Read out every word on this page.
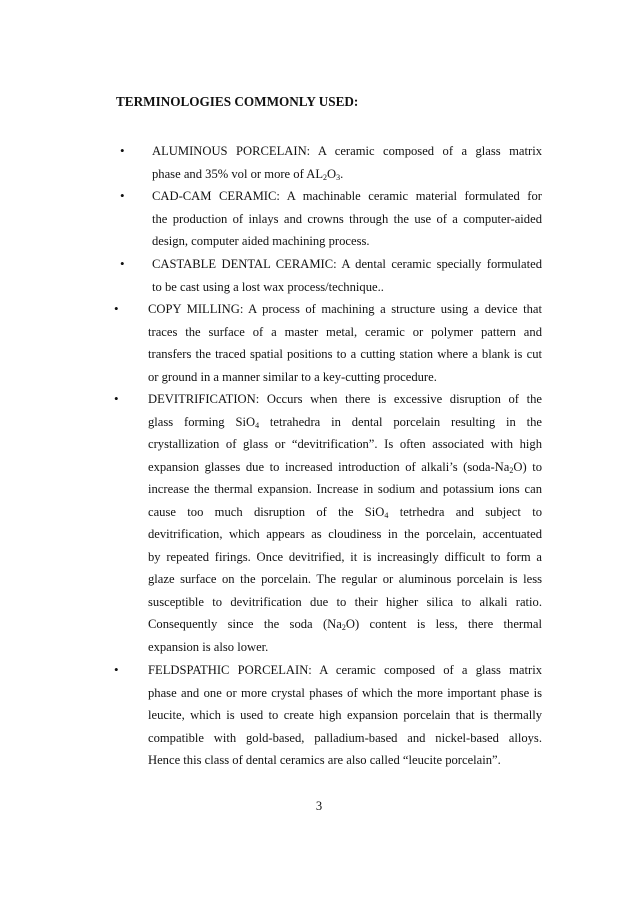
TERMINOLOGIES COMMONLY USED:
• ALUMINOUS PORCELAIN: A ceramic composed of a glass matrix
phase and 35% vol or more of $AL_2O_3$.
• CAD-CAM CERAMIC: A machinable ceramic material formulated for
the production of inlays and crowns through the use of a computer-aided
design, computer aided machining process.
• CASTABLE DENTAL CERAMIC: A dental ceramic specially formulated
to be cast using a lost wax process/technique..
• COPY MILLING: A process of machining a structure using a device that
traces the surface of a master metal, ceramic or polymer pattern and
transfers the traced spatial positions to a cutting station where a blank is cut
or ground in a manner similar to a key-cutting procedure.
• DEVITRIFICATION: Occurs when there is excessive disruption of the
glass forming SiO$_4$ tetrahedra in dental porcelain resulting in the
crystallization of glass or “devitrification”. Is often associated with high
expansion glasses due to increased introduction of alkali’s $(soda-Na_2O)$ to
increase the thermal expansion. Increase in sodium and potassium ions can
cause too much disruption of the SiO$_4$ tetrhedra and subject to
devitrification, which appears as cloudiness in the porcelain, accentuated
by repeated firings. Once devitrified, it is increasingly difficult to form a
glaze surface on the porcelain. The regular or aluminous porcelain is less
susceptible to devitrification due to their higher silica to alkali ratio.
Consequently since the soda $(Na_2O)$ content is less, there thermal
expansion is also lower.
• FELDSPATHIC PORCELAIN: A ceramic composed of a glass matrix
phase and one or more crystal phases of which the more important phase is
leucite, which is used to create high expansion porcelain that is thermally
compatible with gold-based, palladium-based and nickel-based alloys.
Hence this class of dental ceramics are also called “leucite porcelain”.
3
